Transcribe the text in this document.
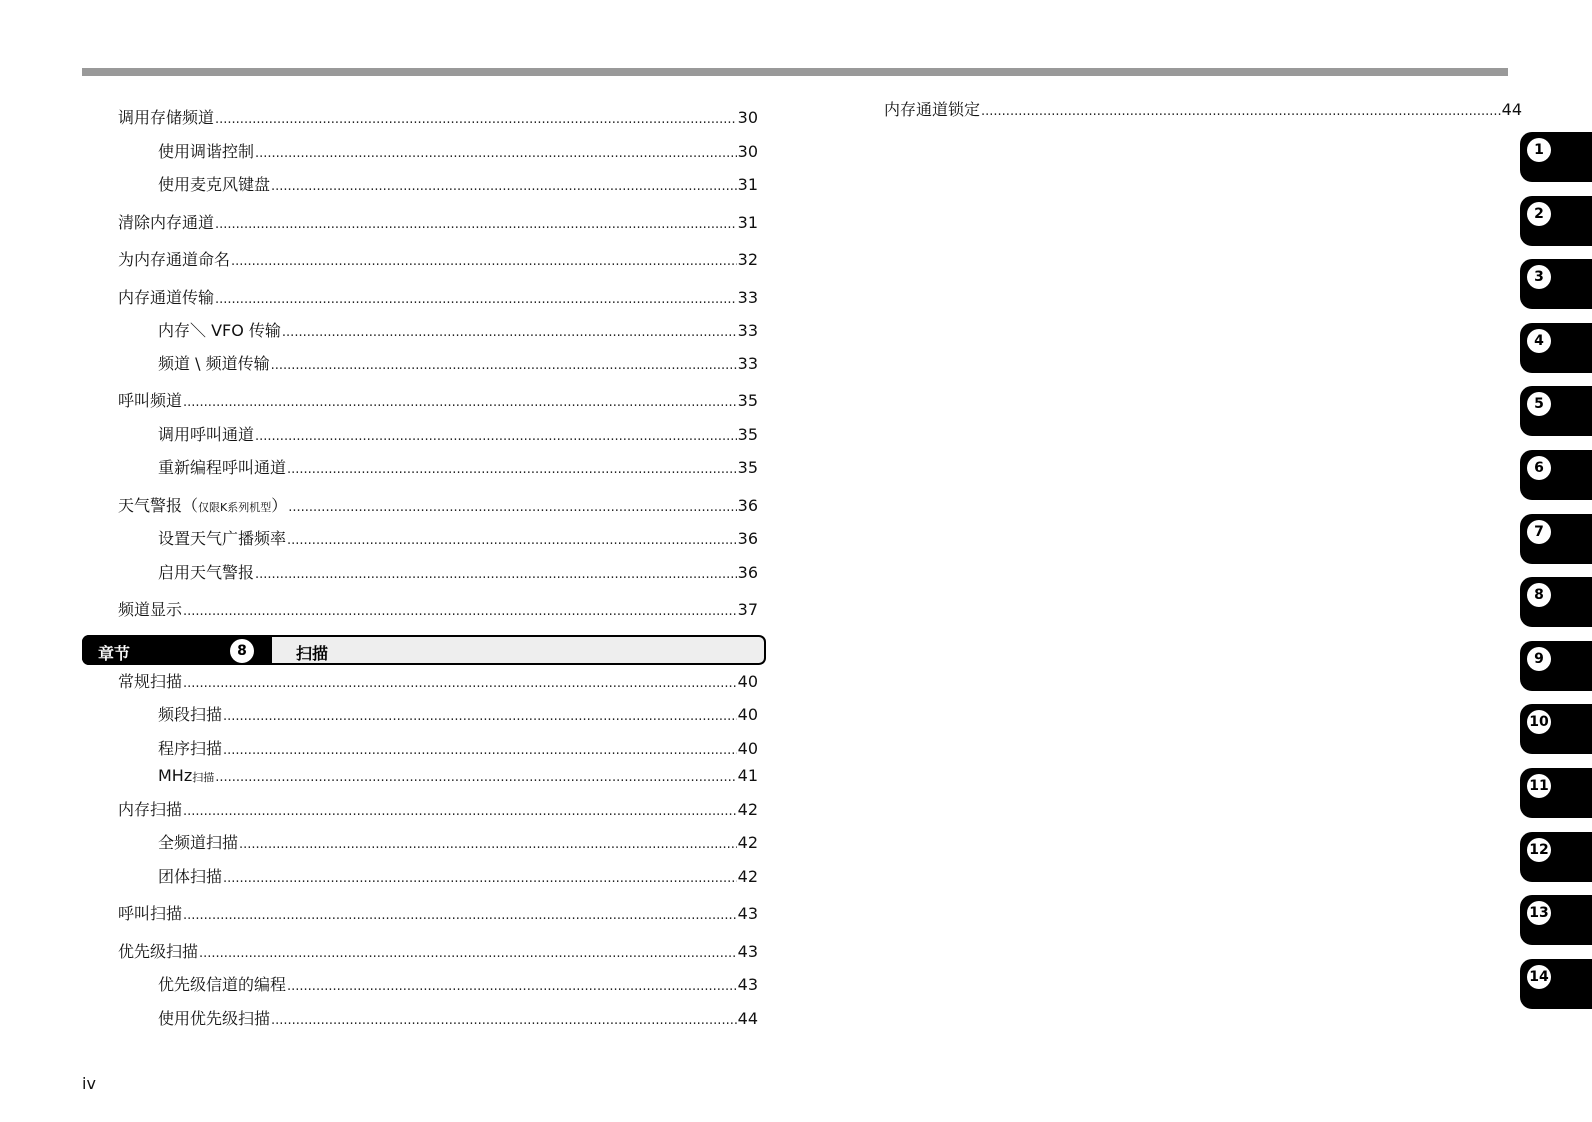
调用存储频道 .....	30
使用调谐控制 .....	30
使用麦克风键盘 .....	31
清除内存通道 .....	31
为内存通道命名 .....	32
内存通道传输 .....	33
内存＼ VFO 传输 .....	33
频道 \ 频道传输 .....	33
呼叫频道 .....	35
调用呼叫通道 .....	35
重新编程呼叫通道 .....	35
天气警报（ 仅限K系列机型 ） .....	36
设置天气广播频率 .....	36
启用天气警报 .....	36
频道显示 .....	37
常规扫描 .....	40
频段扫描 .....	40
程序扫描 .....	40
MHz 扫描 .....	41
内存扫描 .....	42
全频道扫描 .....	42
团体扫描 .....	42
呼叫扫描 .....	43
优先级扫描 .....	43
优先级信道的编程 .....	43
使用优先级扫描 .....	44
内存通道锁定 .....	44
章节	8	扫描
1
2
3
4
5
6
7
8
9
10
11
12
13
14
iv
